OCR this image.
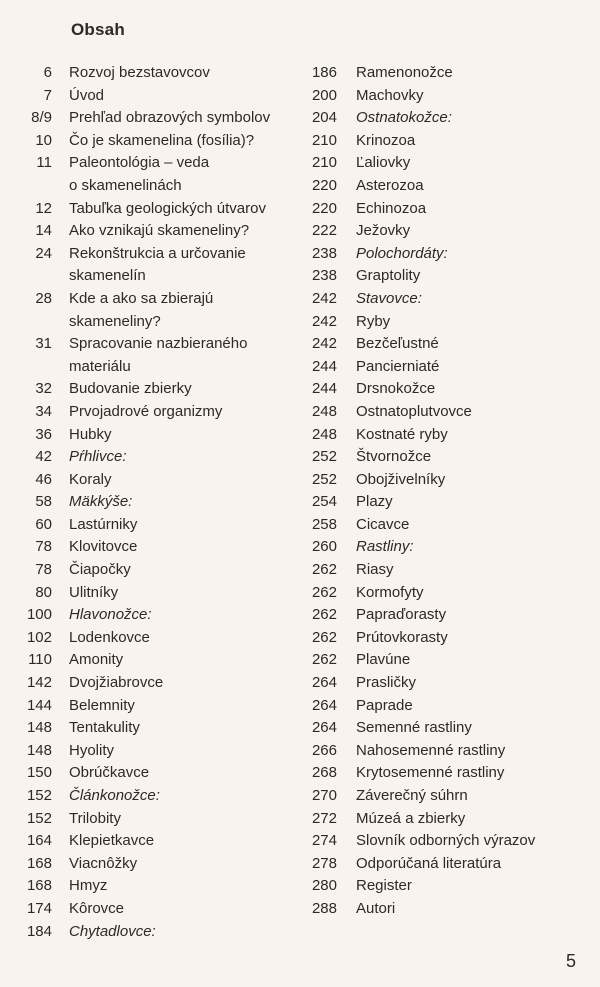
Obsah
6 Rozvoj bezstavovcov
7 Úvod
8/9 Prehľad obrazových symbolov
10 Čo je skamenelina (fosília)?
11 Paleontológia – veda
o skamenelinách
12 Tabuľka geologických útvarov
14 Ako vznikajú skameneliny?
24 Rekonštrukcia a určovanie
skamenelín
28 Kde a ako sa zbierajú
skameneliny?
31 Spracovanie nazbieraného
materiálu
32 Budovanie zbierky
34 Prvojadrové organizmy
36 Hubky
42 Pŕhlivce:
46 Koraly
58 Mäkkýše:
60 Lastúrniky
78 Klovitovce
78 Čiapočky
80 Ulitníky
100 Hlavonožce:
102 Lodenkovce
110 Amonity
142 Dvojžiabrovce
144 Belemnity
148 Tentakulity
148 Hyolity
150 Obrúčkavce
152 Článkonožce:
152 Trilobity
164 Klepietkavce
168 Viacnôžky
168 Hmyz
174 Kôrovce
184 Chytadlovce:
186 Ramenonožce
200 Machovky
204 Ostnatokožce:
210 Krinozoa
210 Ľaliovky
220 Asterozoa
220 Echinozoa
222 Ježovky
238 Polochordáty:
238 Graptolity
242 Stavovce:
242 Ryby
242 Bezčeľustné
244 Pancierniaté
244 Drsnokožce
248 Ostnatoplutvovce
248 Kostnaté ryby
252 Štvornožce
252 Obojživelníky
254 Plazy
258 Cicavce
260 Rastliny:
262 Riasy
262 Kormofyty
262 Papraďorasty
262 Prútovkorasty
262 Plavúne
264 Prasličky
264 Paprade
264 Semenné rastliny
266 Nahosemenné rastliny
268 Krytosemenné rastliny
270 Záverečný súhrn
272 Múzeá a zbierky
274 Slovník odborných výrazov
278 Odporúčaná literatúra
280 Register
288 Autori
5
